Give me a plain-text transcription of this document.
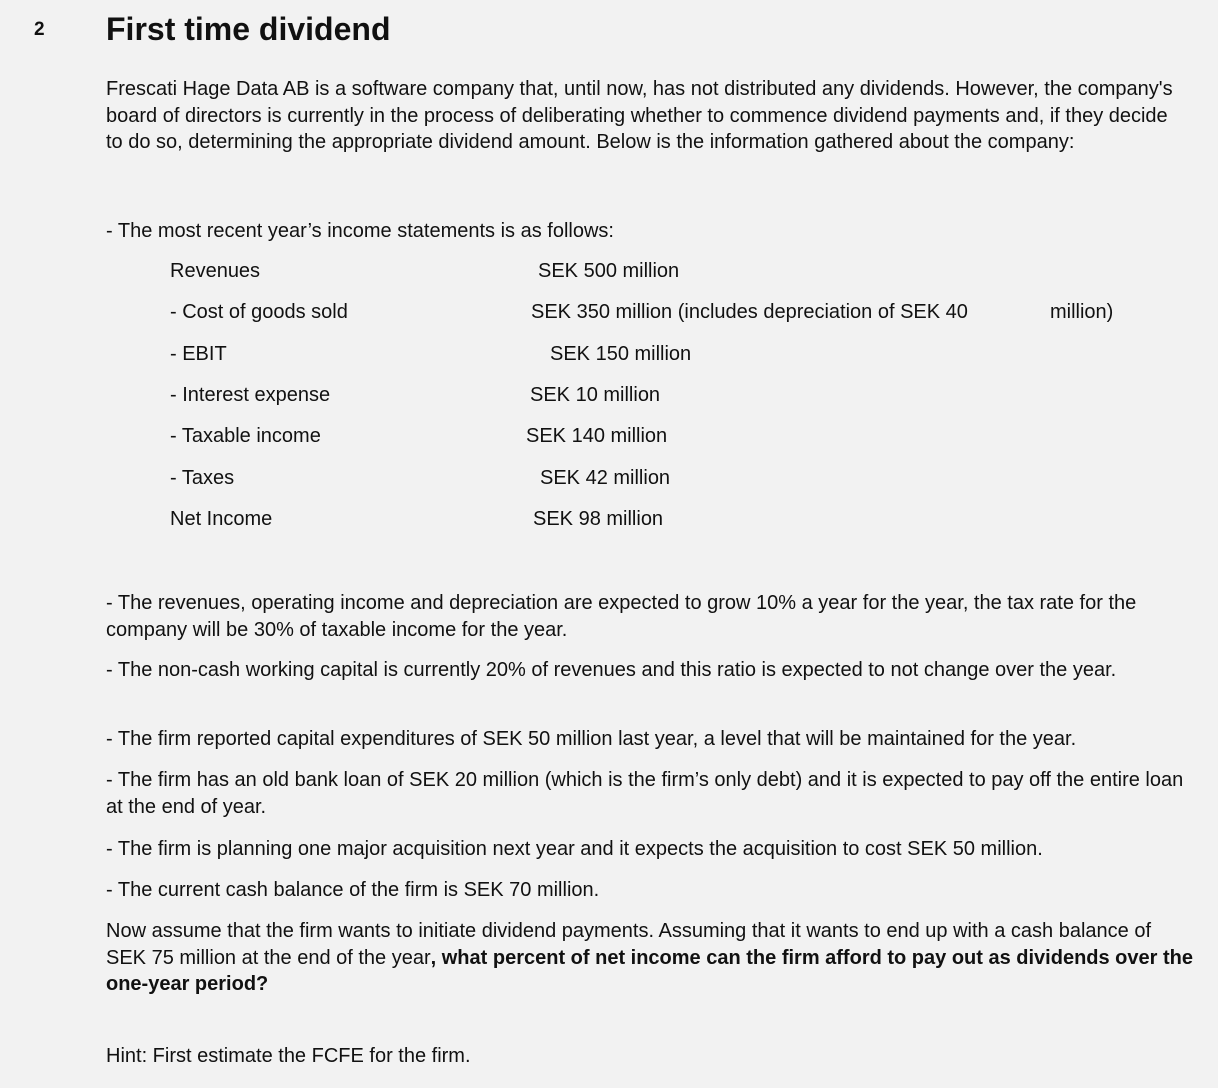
2 First time dividend

Frescati Hage Data AB is a software company that, until now, has not distributed any dividends. However, the company's board of directors is currently in the process of deliberating whether to commence dividend payments and, if they decide to do so, determining the appropriate dividend amount. Below is the information gathered about the company:

- The most recent year’s income statements is as follows:

Revenues	SEK 500 million
- Cost of goods sold	SEK 350 million (includes depreciation of SEK 40	million)
- EBIT	SEK 150 million
- Interest expense	SEK 10 million
- Taxable income	SEK 140 million
- Taxes	SEK 42 million
Net Income	SEK 98 million

- The revenues, operating income and depreciation are expected to grow 10% a year for the year, the tax rate for the company will be 30% of taxable income for the year.

- The non-cash working capital is currently 20% of revenues and this ratio is expected to not change over the year.

- The firm reported capital expenditures of SEK 50 million last year, a level that will be maintained for the year.

- The firm has an old bank loan of SEK 20 million (which is the firm’s only debt) and it is expected to pay off the entire loan at the end of year.

- The firm is planning one major acquisition next year and it expects the acquisition to cost SEK 50 million.

- The current cash balance of the firm is SEK 70 million.

Now assume that the firm wants to initiate dividend payments. Assuming that it wants to end up with a cash balance of SEK 75 million at the end of the year, what percent of net income can the firm afford to pay out as dividends over the one-year period?

Hint: First estimate the FCFE for the firm.
